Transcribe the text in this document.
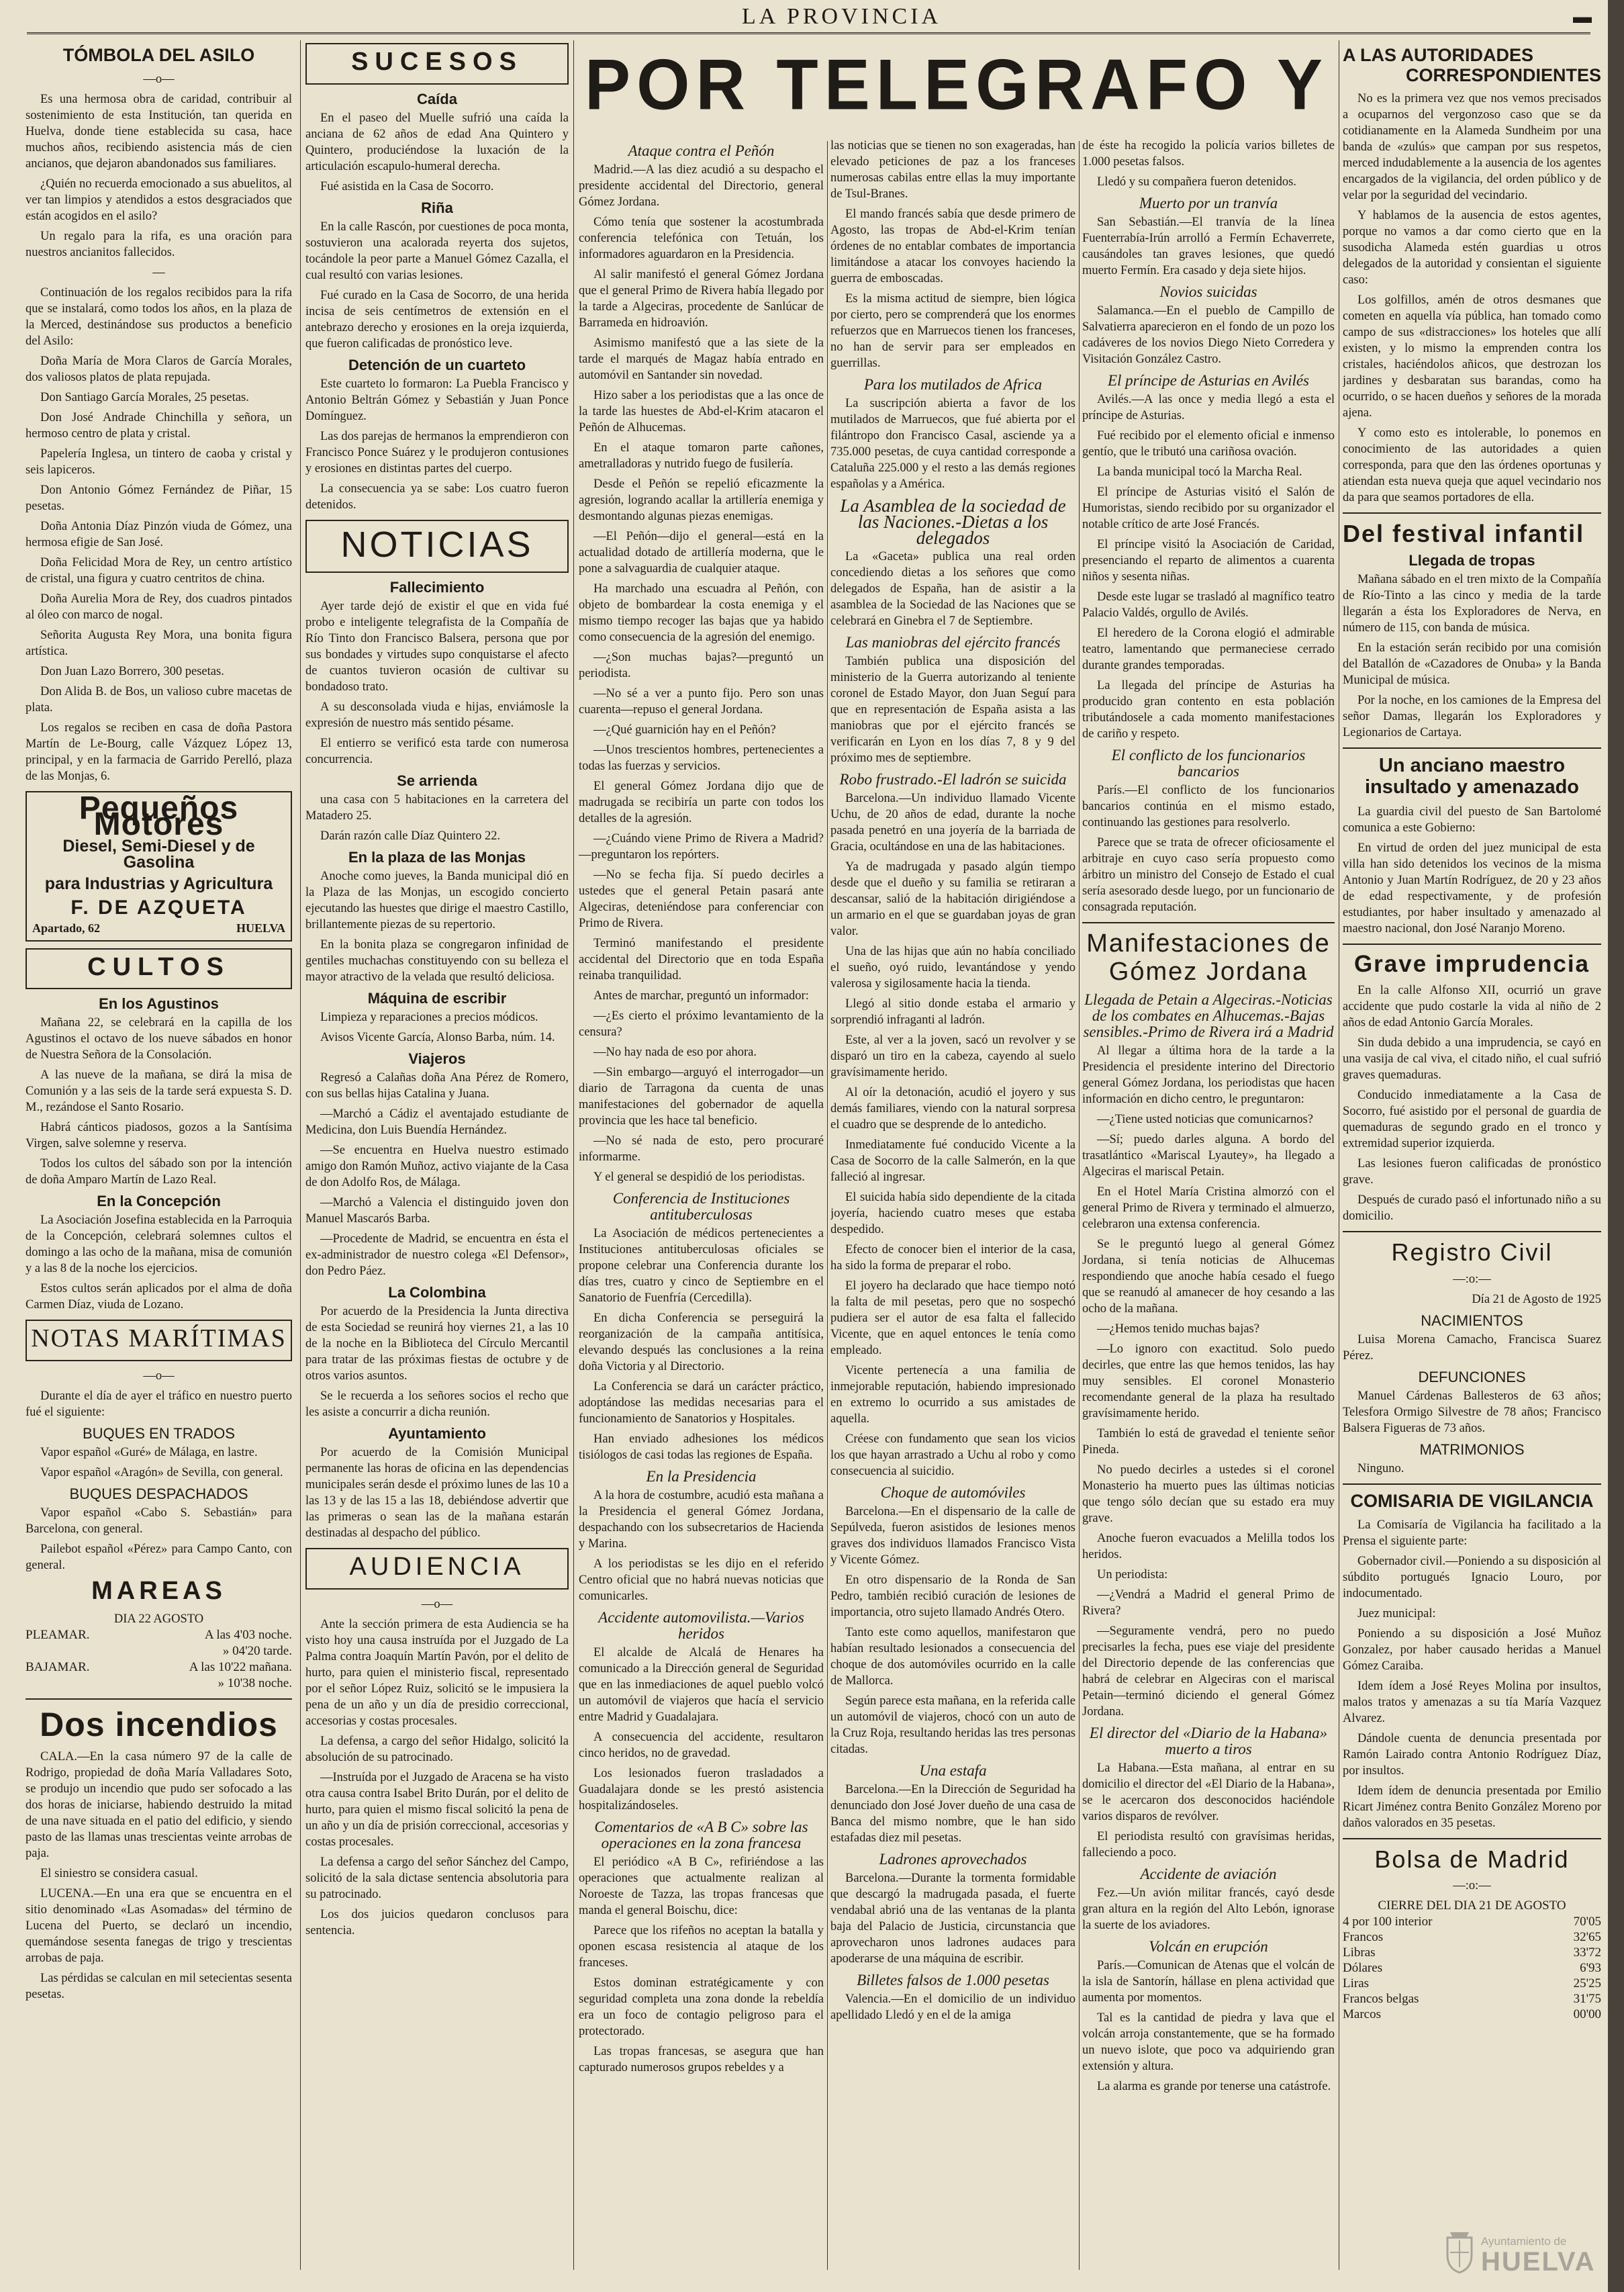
LA PROVINCIA	▬
TÓMBOLA DEL ASILO
—o—

Es una hermosa obra de caridad, contribuir al sostenimiento de esta Institución, tan querida en Huelva, donde tiene establecida su casa, hace muchos años, recibiendo asistencia más de cien ancianos, que dejaron abandonados sus familiares.

¿Quién no recuerda emocionado a sus abuelitos, al ver tan limpios y atendidos a estos desgraciados que están acogidos en el asilo?

Un regalo para la rifa, es una oración para nuestros ancianitos fallecidos.

—

Continuación de los regalos recibidos para la rifa que se instalará, como todos los años, en la plaza de la Merced, destinándose sus productos a beneficio del Asilo:

Doña María de Mora Claros de García Morales, dos valiosos platos de plata repujada.

Don Santiago García Morales, 25 pesetas.

Don José Andrade Chinchilla y señora, un hermoso centro de plata y cristal.

Papelería Inglesa, un tintero de caoba y cristal y seis lapiceros.

Don Antonio Gómez Fernández de Piñar, 15 pesetas.

Doña Antonia Díaz Pinzón viuda de Gómez, una hermosa efigie de San José.

Doña Felicidad Mora de Rey, un centro artístico de cristal, una figura y cuatro centritos de china.

Doña Aurelia Mora de Rey, dos cuadros pintados al óleo con marco de nogal.

Señorita Augusta Rey Mora, una bonita figura artística.

Don Juan Lazo Borrero, 300 pesetas.

Don Alida B. de Bos, un valioso cubre macetas de plata.

Los regalos se reciben en casa de doña Pastora Martín de Le-Bourg, calle Vázquez López 13, principal, y en la farmacia de Garrido Perelló, plaza de las Monjas, 6.

Pequeños Motores
Diesel, Semi-Diesel y de Gasolina
para Industrias y Agricultura
F. DE AZQUETA
Apartado, 62	HUELVA
CULTOS
En los Agustinos

Mañana 22, se celebrará en la capilla de los Agustinos el octavo de los nueve sábados en honor de Nuestra Señora de la Consolación.

A las nueve de la mañana, se dirá la misa de Comunión y a las seis de la tarde será expuesta S. D. M., rezándose el Santo Rosario.

Habrá cánticos piadosos, gozos a la Santísima Virgen, salve solemne y reserva.

Todos los cultos del sábado son por la intención de doña Amparo Martín de Lazo Real.

En la Concepción

La Asociación Josefina establecida en la Parroquia de la Concepción, celebrará solemnes cultos el domingo a las ocho de la mañana, misa de comunión y a las 8 de la noche los ejercicios.

Estos cultos serán aplicados por el alma de doña Carmen Díaz, viuda de Lozano.

NOTAS MARÍTIMAS
—o—

Durante el día de ayer el tráfico en nuestro puerto fué el siguiente:

BUQUES EN TRADOS

Vapor español «Guré» de Málaga, en lastre.

Vapor español «Aragón» de Sevilla, con general.

BUQUES DESPACHADOS

Vapor español «Cabo S. Sebastián» para Barcelona, con general.

Pailebot español «Pérez» para Campo Canto, con general.

MAREAS
DIA 22 AGOSTO
PLEAMAR.	A las 4'03 noche.
» 04'20 tarde.
BAJAMAR.	A las 10'22 mañana.
» 10'38 noche.
Dos incendios

CALA.—En la casa número 97 de la calle de Rodrigo, propiedad de doña María Valladares Soto, se produjo un incendio que pudo ser sofocado a las dos horas de iniciarse, habiendo destruido la mitad de una nave situada en el patio del edificio, y siendo pasto de las llamas unas trescientas veinte arrobas de paja.

El siniestro se considera casual.

LUCENA.—En una era que se encuentra en el sitio denominado «Las Asomadas» del término de Lucena del Puerto, se declaró un incendio, quemándose sesenta fanegas de trigo y trescientas arrobas de paja.

Las pérdidas se calculan en mil setecientas sesenta pesetas.

SUCESOS
Caída

En el paseo del Muelle sufrió una caída la anciana de 62 años de edad Ana Quintero y Quintero, produciéndose la luxación de la articulación escapulo-humeral derecha.

Fué asistida en la Casa de Socorro.

Riña

En la calle Rascón, por cuestiones de poca monta, sostuvieron una acalorada reyerta dos sujetos, tocándole la peor parte a Manuel Gómez Cazalla, el cual resultó con varias lesiones.

Fué curado en la Casa de Socorro, de una herida incisa de seis centímetros de extensión en el antebrazo derecho y erosiones en la oreja izquierda, que fueron calificadas de pronóstico leve.

Detención de un cuarteto

Este cuarteto lo formaron: La Puebla Francisco y Antonio Beltrán Gómez y Sebastián y Juan Ponce Domínguez.

Las dos parejas de hermanos la emprendieron con Francisco Ponce Suárez y le produjeron contusiones y erosiones en distintas partes del cuerpo.

La consecuencia ya se sabe: Los cuatro fueron detenidos.

NOTICIAS
Fallecimiento

Ayer tarde dejó de existir el que en vida fué probo e inteligente telegrafista de la Compañía de Río Tinto don Francisco Balsera, persona que por sus bondades y virtudes supo conquistarse el afecto de cuantos tuvieron ocasión de cultivar su bondadoso trato.

A su desconsolada viuda e hijas, enviámosle la expresión de nuestro más sentido pésame.

El entierro se verificó esta tarde con numerosa concurrencia.

Se arrienda

una casa con 5 habitaciones en la carretera del Matadero 25.

Darán razón calle Díaz Quintero 22.

En la plaza de las Monjas

Anoche como jueves, la Banda municipal dió en la Plaza de las Monjas, un escogido concierto ejecutando las huestes que dirige el maestro Castillo, brillantemente piezas de su repertorio.

En la bonita plaza se congregaron infinidad de gentiles muchachas constituyendo con su belleza el mayor atractivo de la velada que resultó deliciosa.

Máquina de escribir

Limpieza y reparaciones a precios módicos.

Avisos Vicente García, Alonso Barba, núm. 14.

Viajeros

Regresó a Calañas doña Ana Pérez de Romero, con sus bellas hijas Catalina y Juana.

—Marchó a Cádiz el aventajado estudiante de Medicina, don Luis Buendía Hernández.

—Se encuentra en Huelva nuestro estimado amigo don Ramón Muñoz, activo viajante de la Casa de don Adolfo Ros, de Málaga.

—Marchó a Valencia el distinguido joven don Manuel Mascarós Barba.

—Procedente de Madrid, se encuentra en ésta el ex-administrador de nuestro colega «El Defensor», don Pedro Páez.

La Colombina

Por acuerdo de la Presidencia la Junta directiva de esta Sociedad se reunirá hoy viernes 21, a las 10 de la noche en la Biblioteca del Círculo Mercantil para tratar de las próximas fiestas de octubre y de otros varios asuntos.

Se le recuerda a los señores socios el recho que les asiste a concurrir a dicha reunión.

Ayuntamiento

Por acuerdo de la Comisión Municipal permanente las horas de oficina en las dependencias municipales serán desde el próximo lunes de las 10 a las 13 y de las 15 a las 18, debiéndose advertir que las primeras o sean las de la mañana estarán destinadas al despacho del público.

AUDIENCIA
—o—

Ante la sección primera de esta Audiencia se ha visto hoy una causa instruída por el Juzgado de La Palma contra Joaquín Martín Pavón, por el delito de hurto, para quien el ministerio fiscal, representado por el señor López Ruiz, solicitó se le impusiera la pena de un año y un día de presidio correccional, accesorias y costas procesales.

La defensa, a cargo del señor Hidalgo, solicitó la absolución de su patrocinado.

—Instruída por el Juzgado de Aracena se ha visto otra causa contra Isabel Brito Durán, por el delito de hurto, para quien el mismo fiscal solicitó la pena de un año y un día de prisión correccional, accesorias y costas procesales.

La defensa a cargo del señor Sánchez del Campo, solicitó de la sala dictase sentencia absolutoria para su patrocinado.

Los dos juicios quedaron conclusos para sentencia.

POR TELEGRAFO Y
Ataque contra el Peñón

Madrid.—A las diez acudió a su despacho el presidente accidental del Directorio, general Gómez Jordana.

Cómo tenía que sostener la acostumbrada conferencia telefónica con Tetuán, los informadores aguardaron en la Presidencia.

Al salir manifestó el general Gómez Jordana que el general Primo de Rivera había llegado por la tarde a Algeciras, procedente de Sanlúcar de Barrameda en hidroavión.

Asimismo manifestó que a las siete de la tarde el marqués de Magaz había entrado en automóvil en Santander sin novedad.

Hizo saber a los periodistas que a las once de la tarde las huestes de Abd-el-Krim atacaron el Peñón de Alhucemas.

En el ataque tomaron parte cañones, ametralladoras y nutrido fuego de fusilería.

Desde el Peñón se repelió eficazmente la agresión, logrando acallar la artillería enemiga y desmontando algunas piezas enemigas.

—El Peñón—dijo el general—está en la actualidad dotado de artillería moderna, que le pone a salvaguardia de cualquier ataque.

Ha marchado una escuadra al Peñón, con objeto de bombardear la costa enemiga y el mismo tiempo recoger las bajas que ya habido como consecuencia de la agresión del enemigo.

—¿Son muchas bajas?—preguntó un periodista.

—No sé a ver a punto fijo. Pero son unas cuarenta—repuso el general Jordana.

—¿Qué guarnición hay en el Peñón?

—Unos trescientos hombres, pertenecientes a todas las fuerzas y servicios.

El general Gómez Jordana dijo que de madrugada se recibiría un parte con todos los detalles de la agresión.

—¿Cuándo viene Primo de Rivera a Madrid?—preguntaron los repórters.

—No se fecha fija. Sí puedo decirles a ustedes que el general Petain pasará ante Algeciras, deteniéndose para conferenciar con Primo de Rivera.

Terminó manifestando el presidente accidental del Directorio que en toda España reinaba tranquilidad.

Antes de marchar, preguntó un informador:

—¿Es cierto el próximo levantamiento de la censura?

—No hay nada de eso por ahora.

—Sin embargo—arguyó el interrogador—un diario de Tarragona da cuenta de unas manifestaciones del gobernador de aquella provincia que les hace tal beneficio.

—No sé nada de esto, pero procuraré informarme.

Y el general se despidió de los periodistas.

Conferencia de Instituciones antituberculosas

La Asociación de médicos pertenecientes a Instituciones antituberculosas oficiales se propone celebrar una Conferencia durante los días tres, cuatro y cinco de Septiembre en el Sanatorio de Fuenfría (Cercedilla).

En dicha Conferencia se perseguirá la reorganización de la campaña antitísica, elevando después las conclusiones a la reina doña Victoria y al Directorio.

La Conferencia se dará un carácter práctico, adoptándose las medidas necesarias para el funcionamiento de Sanatorios y Hospitales.

Han enviado adhesiones los médicos tisiólogos de casi todas las regiones de España.

En la Presidencia

A la hora de costumbre, acudió esta mañana a la Presidencia el general Gómez Jordana, despachando con los subsecretarios de Hacienda y Marina.

A los periodistas se les dijo en el referido Centro oficial que no habrá nuevas noticias que comunicarles.

Accidente automovilista.—Varios heridos

El alcalde de Alcalá de Henares ha comunicado a la Dirección general de Seguridad que en las inmediaciones de aquel pueblo volcó un automóvil de viajeros que hacía el servicio entre Madrid y Guadalajara.

A consecuencia del accidente, resultaron cinco heridos, no de gravedad.

Los lesionados fueron trasladados a Guadalajara donde se les prestó asistencia hospitalizándoseles.

Comentarios de «A B C» sobre las operaciones en la zona francesa

El periódico «A B C», refiriéndose a las operaciones que actualmente realizan al Noroeste de Tazza, las tropas francesas que manda el general Boischu, dice:

Parece que los rifeños no aceptan la batalla y oponen escasa resistencia al ataque de los franceses.

Estos dominan estratégicamente y con seguridad completa una zona donde la rebeldía era un foco de contagio peligroso para el protectorado.

Las tropas francesas, se asegura que han capturado numerosos grupos rebeldes y a

las noticias que se tienen no son exageradas, han elevado peticiones de paz a los franceses numerosas cabilas entre ellas la muy importante de Tsul-Branes.

El mando francés sabía que desde primero de Agosto, las tropas de Abd-el-Krim tenían órdenes de no entablar combates de importancia limitándose a atacar los convoyes haciendo la guerra de emboscadas.

Es la misma actitud de siempre, bien lógica por cierto, pero se comprenderá que los enormes refuerzos que en Marruecos tienen los franceses, no han de servir para ser empleados en guerrillas.

Para los mutilados de Africa

La suscripción abierta a favor de los mutilados de Marruecos, que fué abierta por el filántropo don Francisco Casal, asciende ya a 735.000 pesetas, de cuya cantidad corresponde a Cataluña 225.000 y el resto a las demás regiones españolas y a América.

La Asamblea de la sociedad de las Naciones.-Dietas a los delegados

La «Gaceta» publica una real orden concediendo dietas a los señores que como delegados de España, han de asistir a la asamblea de la Sociedad de las Naciones que se celebrará en Ginebra el 7 de Septiembre.

Las maniobras del ejército francés

También publica una disposición del ministerio de la Guerra autorizando al teniente coronel de Estado Mayor, don Juan Seguí para que en representación de España asista a las maniobras que por el ejército francés se verificarán en Lyon en los días 7, 8 y 9 del próximo mes de septiembre.

Robo frustrado.-El ladrón se suicida

Barcelona.—Un individuo llamado Vicente Uchu, de 20 años de edad, durante la noche pasada penetró en una joyería de la barriada de Gracia, ocultándose en una de las habitaciones.

Ya de madrugada y pasado algún tiempo desde que el dueño y su familia se retiraran a descansar, salió de la habitación dirigiéndose a un armario en el que se guardaban joyas de gran valor.

Una de las hijas que aún no había conciliado el sueño, oyó ruido, levantándose y yendo valerosa y sigilosamente hacia la tienda.

Llegó al sitio donde estaba el armario y sorprendió infraganti al ladrón.

Este, al ver a la joven, sacó un revolver y se disparó un tiro en la cabeza, cayendo al suelo gravísimamente herido.

Al oír la detonación, acudió el joyero y sus demás familiares, viendo con la natural sorpresa el cuadro que se desprende de lo antedicho.

Inmediatamente fué conducido Vicente a la Casa de Socorro de la calle Salmerón, en la que falleció al ingresar.

El suicida había sido dependiente de la citada joyería, haciendo cuatro meses que estaba despedido.

Efecto de conocer bien el interior de la casa, ha sido la forma de preparar el robo.

El joyero ha declarado que hace tiempo notó la falta de mil pesetas, pero que no sospechó pudiera ser el autor de esa falta el fallecido Vicente, que en aquel entonces le tenía como empleado.

Vicente pertenecía a una familia de inmejorable reputación, habiendo impresionado en extremo lo ocurrido a sus amistades de aquella.

Créese con fundamento que sean los vicios los que hayan arrastrado a Uchu al robo y como consecuencia al suicidio.

Choque de automóviles

Barcelona.—En el dispensario de la calle de Sepúlveda, fueron asistidos de lesiones menos graves dos individuos llamados Francisco Vista y Vicente Gómez.

En otro dispensario de la Ronda de San Pedro, también recibió curación de lesiones de importancia, otro sujeto llamado Andrés Otero.

Tanto este como aquellos, manifestaron que habían resultado lesionados a consecuencia del choque de dos automóviles ocurrido en la calle de Mallorca.

Según parece esta mañana, en la referida calle un automóvil de viajeros, chocó con un auto de la Cruz Roja, resultando heridas las tres personas citadas.

Una estafa

Barcelona.—En la Dirección de Seguridad ha denunciado don José Jover dueño de una casa de Banca del mismo nombre, que le han sido estafadas diez mil pesetas.

Ladrones aprovechados

Barcelona.—Durante la tormenta formidable que descargó la madrugada pasada, el fuerte vendabal abrió una de las ventanas de la planta baja del Palacio de Justicia, circunstancia que aprovecharon unos ladrones audaces para apoderarse de una máquina de escribir.

Billetes falsos de 1.000 pesetas

Valencia.—En el domicilio de un individuo apellidado Lledó y en el de la amiga

de éste ha recogido la policía varios billetes de 1.000 pesetas falsos.

Lledó y su compañera fueron detenidos.

Muerto por un tranvía

San Sebastián.—El tranvía de la línea Fuenterrabía-Irún arrolló a Fermín Echaverrete, causándoles tan graves lesiones, que quedó muerto Fermín. Era casado y deja siete hijos.

Novios suicidas

Salamanca.—En el pueblo de Campillo de Salvatierra aparecieron en el fondo de un pozo los cadáveres de los novios Diego Nieto Corredera y Visitación González Castro.

El príncipe de Asturias en Avilés

Avilés.—A las once y media llegó a esta el príncipe de Asturias.

Fué recibido por el elemento oficial e inmenso gentío, que le tributó una cariñosa ovación.

La banda municipal tocó la Marcha Real.

El príncipe de Asturias visitó el Salón de Humoristas, siendo recibido por su organizador el notable crítico de arte José Francés.

El príncipe visitó la Asociación de Caridad, presenciando el reparto de alimentos a cuarenta niños y sesenta niñas.

Desde este lugar se trasladó al magnífico teatro Palacio Valdés, orgullo de Avilés.

El heredero de la Corona elogió el admirable teatro, lamentando que permaneciese cerrado durante grandes temporadas.

La llegada del príncipe de Asturias ha producido gran contento en esta población tributándosele a cada momento manifestaciones de cariño y respeto.

El conflicto de los funcionarios bancarios

París.—El conflicto de los funcionarios bancarios continúa en el mismo estado, continuando las gestiones para resolverlo.

Parece que se trata de ofrecer oficiosamente el arbitraje en cuyo caso sería propuesto como árbitro un ministro del Consejo de Estado el cual sería asesorado desde luego, por un funcionario de consagrada reputación.

Manifestaciones de Gómez Jordana
Llegada de Petain a Algeciras.-Noticias de los combates en Alhucemas.-Bajas sensibles.-Primo de Rivera irá a Madrid

Al llegar a última hora de la tarde a la Presidencia el presidente interino del Directorio general Gómez Jordana, los periodistas que hacen información en dicho centro, le preguntaron:

—¿Tiene usted noticias que comunicarnos?

—Sí; puedo darles alguna. A bordo del trasatlántico «Mariscal Lyautey», ha llegado a Algeciras el mariscal Petain.

En el Hotel María Cristina almorzó con el general Primo de Rivera y terminado el almuerzo, celebraron una extensa conferencia.

Se le preguntó luego al general Gómez Jordana, si tenía noticias de Alhucemas respondiendo que anoche había cesado el fuego que se reanudó al amanecer de hoy cesando a las ocho de la mañana.

—¿Hemos tenido muchas bajas?

—Lo ignoro con exactitud. Solo puedo decirles, que entre las que hemos tenidos, las hay muy sensibles. El coronel Monasterio recomendante general de la plaza ha resultado gravísimamente herido.

También lo está de gravedad el teniente señor Pineda.

No puedo decirles a ustedes si el coronel Monasterio ha muerto pues las últimas noticias que tengo sólo decían que su estado era muy grave.

Anoche fueron evacuados a Melilla todos los heridos.

Un periodista:

—¿Vendrá a Madrid el general Primo de Rivera?

—Seguramente vendrá, pero no puedo precisarles la fecha, pues ese viaje del presidente del Directorio depende de las conferencias que habrá de celebrar en Algeciras con el mariscal Petain—terminó diciendo el general Gómez Jordana.

El director del «Diario de la Habana» muerto a tiros

La Habana.—Esta mañana, al entrar en su domicilio el director del «El Diario de la Habana», se le acercaron dos desconocidos haciéndole varios disparos de revólver.

El periodista resultó con gravísimas heridas, falleciendo a poco.

Accidente de aviación

Fez.—Un avión militar francés, cayó desde gran altura en la región del Alto Lebón, ignorase la suerte de los aviadores.

Volcán en erupción

París.—Comunican de Atenas que el volcán de la isla de Santorín, hállase en plena actividad que aumenta por momentos.

Tal es la cantidad de piedra y lava que el volcán arroja constantemente, que se ha formado un nuevo islote, que poco va adquiriendo gran extensión y altura.

La alarma es grande por tenerse una catástrofe.

A LAS AUTORIDADES
CORRESPONDIENTES

No es la primera vez que nos vemos precisados a ocuparnos del vergonzoso caso que se da cotidianamente en la Alameda Sundheim por una banda de «zulús» que campan por sus respetos, merced indudablemente a la ausencia de los agentes encargados de la vigilancia, del orden público y de velar por la seguridad del vecindario.

Y hablamos de la ausencia de estos agentes, porque no vamos a dar como cierto que en la susodicha Alameda estén guardias u otros delegados de la autoridad y consientan el siguiente caso:

Los golfillos, amén de otros desmanes que cometen en aquella vía pública, han tomado como campo de sus «distracciones» los hoteles que allí existen, y lo mismo la emprenden contra los cristales, haciéndolos añicos, que destrozan los jardines y desbaratan sus barandas, como ha ocurrido, o se hacen dueños y señores de la morada ajena.

Y como esto es intolerable, lo ponemos en conocimiento de las autoridades a quien corresponda, para que den las órdenes oportunas y atiendan esta nueva queja que aquel vecindario nos da para que seamos portadores de ella.

Del festival infantil
Llegada de tropas

Mañana sábado en el tren mixto de la Compañía de Río-Tinto a las cinco y media de la tarde llegarán a ésta los Exploradores de Nerva, en número de 115, con banda de música.

En la estación serán recibido por una comisión del Batallón de «Cazadores de Onuba» y la Banda Municipal de música.

Por la noche, en los camiones de la Empresa del señor Damas, llegarán los Exploradores y Legionarios de Cartaya.

Un anciano maestro insultado y amenazado

La guardia civil del puesto de San Bartolomé comunica a este Gobierno:

En virtud de orden del juez municipal de esta villa han sido detenidos los vecinos de la misma Antonio y Juan Martín Rodríguez, de 20 y 23 años de edad respectivamente, y de profesión estudiantes, por haber insultado y amenazado al maestro nacional, don José Naranjo Moreno.

Grave imprudencia

En la calle Alfonso XII, ocurrió un grave accidente que pudo costarle la vida al niño de 2 años de edad Antonio García Morales.

Sin duda debido a una imprudencia, se cayó en una vasija de cal viva, el citado niño, el cual sufrió graves quemaduras.

Conducido inmediatamente a la Casa de Socorro, fué asistido por el personal de guardia de quemaduras de segundo grado en el tronco y extremidad superior izquierda.

Las lesiones fueron calificadas de pronóstico grave.

Después de curado pasó el infortunado niño a su domicilio.

Registro Civil
—:o:—
Día 21 de Agosto de 1925
NACIMIENTOS

Luisa Morena Camacho, Francisca Suarez Pérez.

DEFUNCIONES

Manuel Cárdenas Ballesteros de 63 años; Telesfora Ormigo Silvestre de 78 años; Francisco Balsera Figueras de 73 años.

MATRIMONIOS

Ninguno.

COMISARIA DE VIGILANCIA

La Comisaría de Vigilancia ha facilitado a la Prensa el siguiente parte:

Gobernador civil.—Poniendo a su disposición al súbdito portugués Ignacio Louro, por indocumentado.

Juez municipal:

Poniendo a su disposición a José Muñoz Gonzalez, por haber causado heridas a Manuel Gómez Caraiba.

Idem ídem a José Reyes Molina por insultos, malos tratos y amenazas a su tía María Vazquez Alvarez.

Dándole cuenta de denuncia presentada por Ramón Lairado contra Antonio Rodríguez Díaz, por insultos.

Idem ídem de denuncia presentada por Emilio Ricart Jiménez contra Benito González Moreno por daños valorados en 35 pesetas.

Bolsa de Madrid
—:o:—
CIERRE DEL DIA 21 DE AGOSTO
4 por 100 interior	70'05
Francos	32'65
Libras	33'72
Dólares	6'93
Liras	25'25
Francos belgas	31'75
Marcos	00'00
Ayuntamiento de
HUELVA
